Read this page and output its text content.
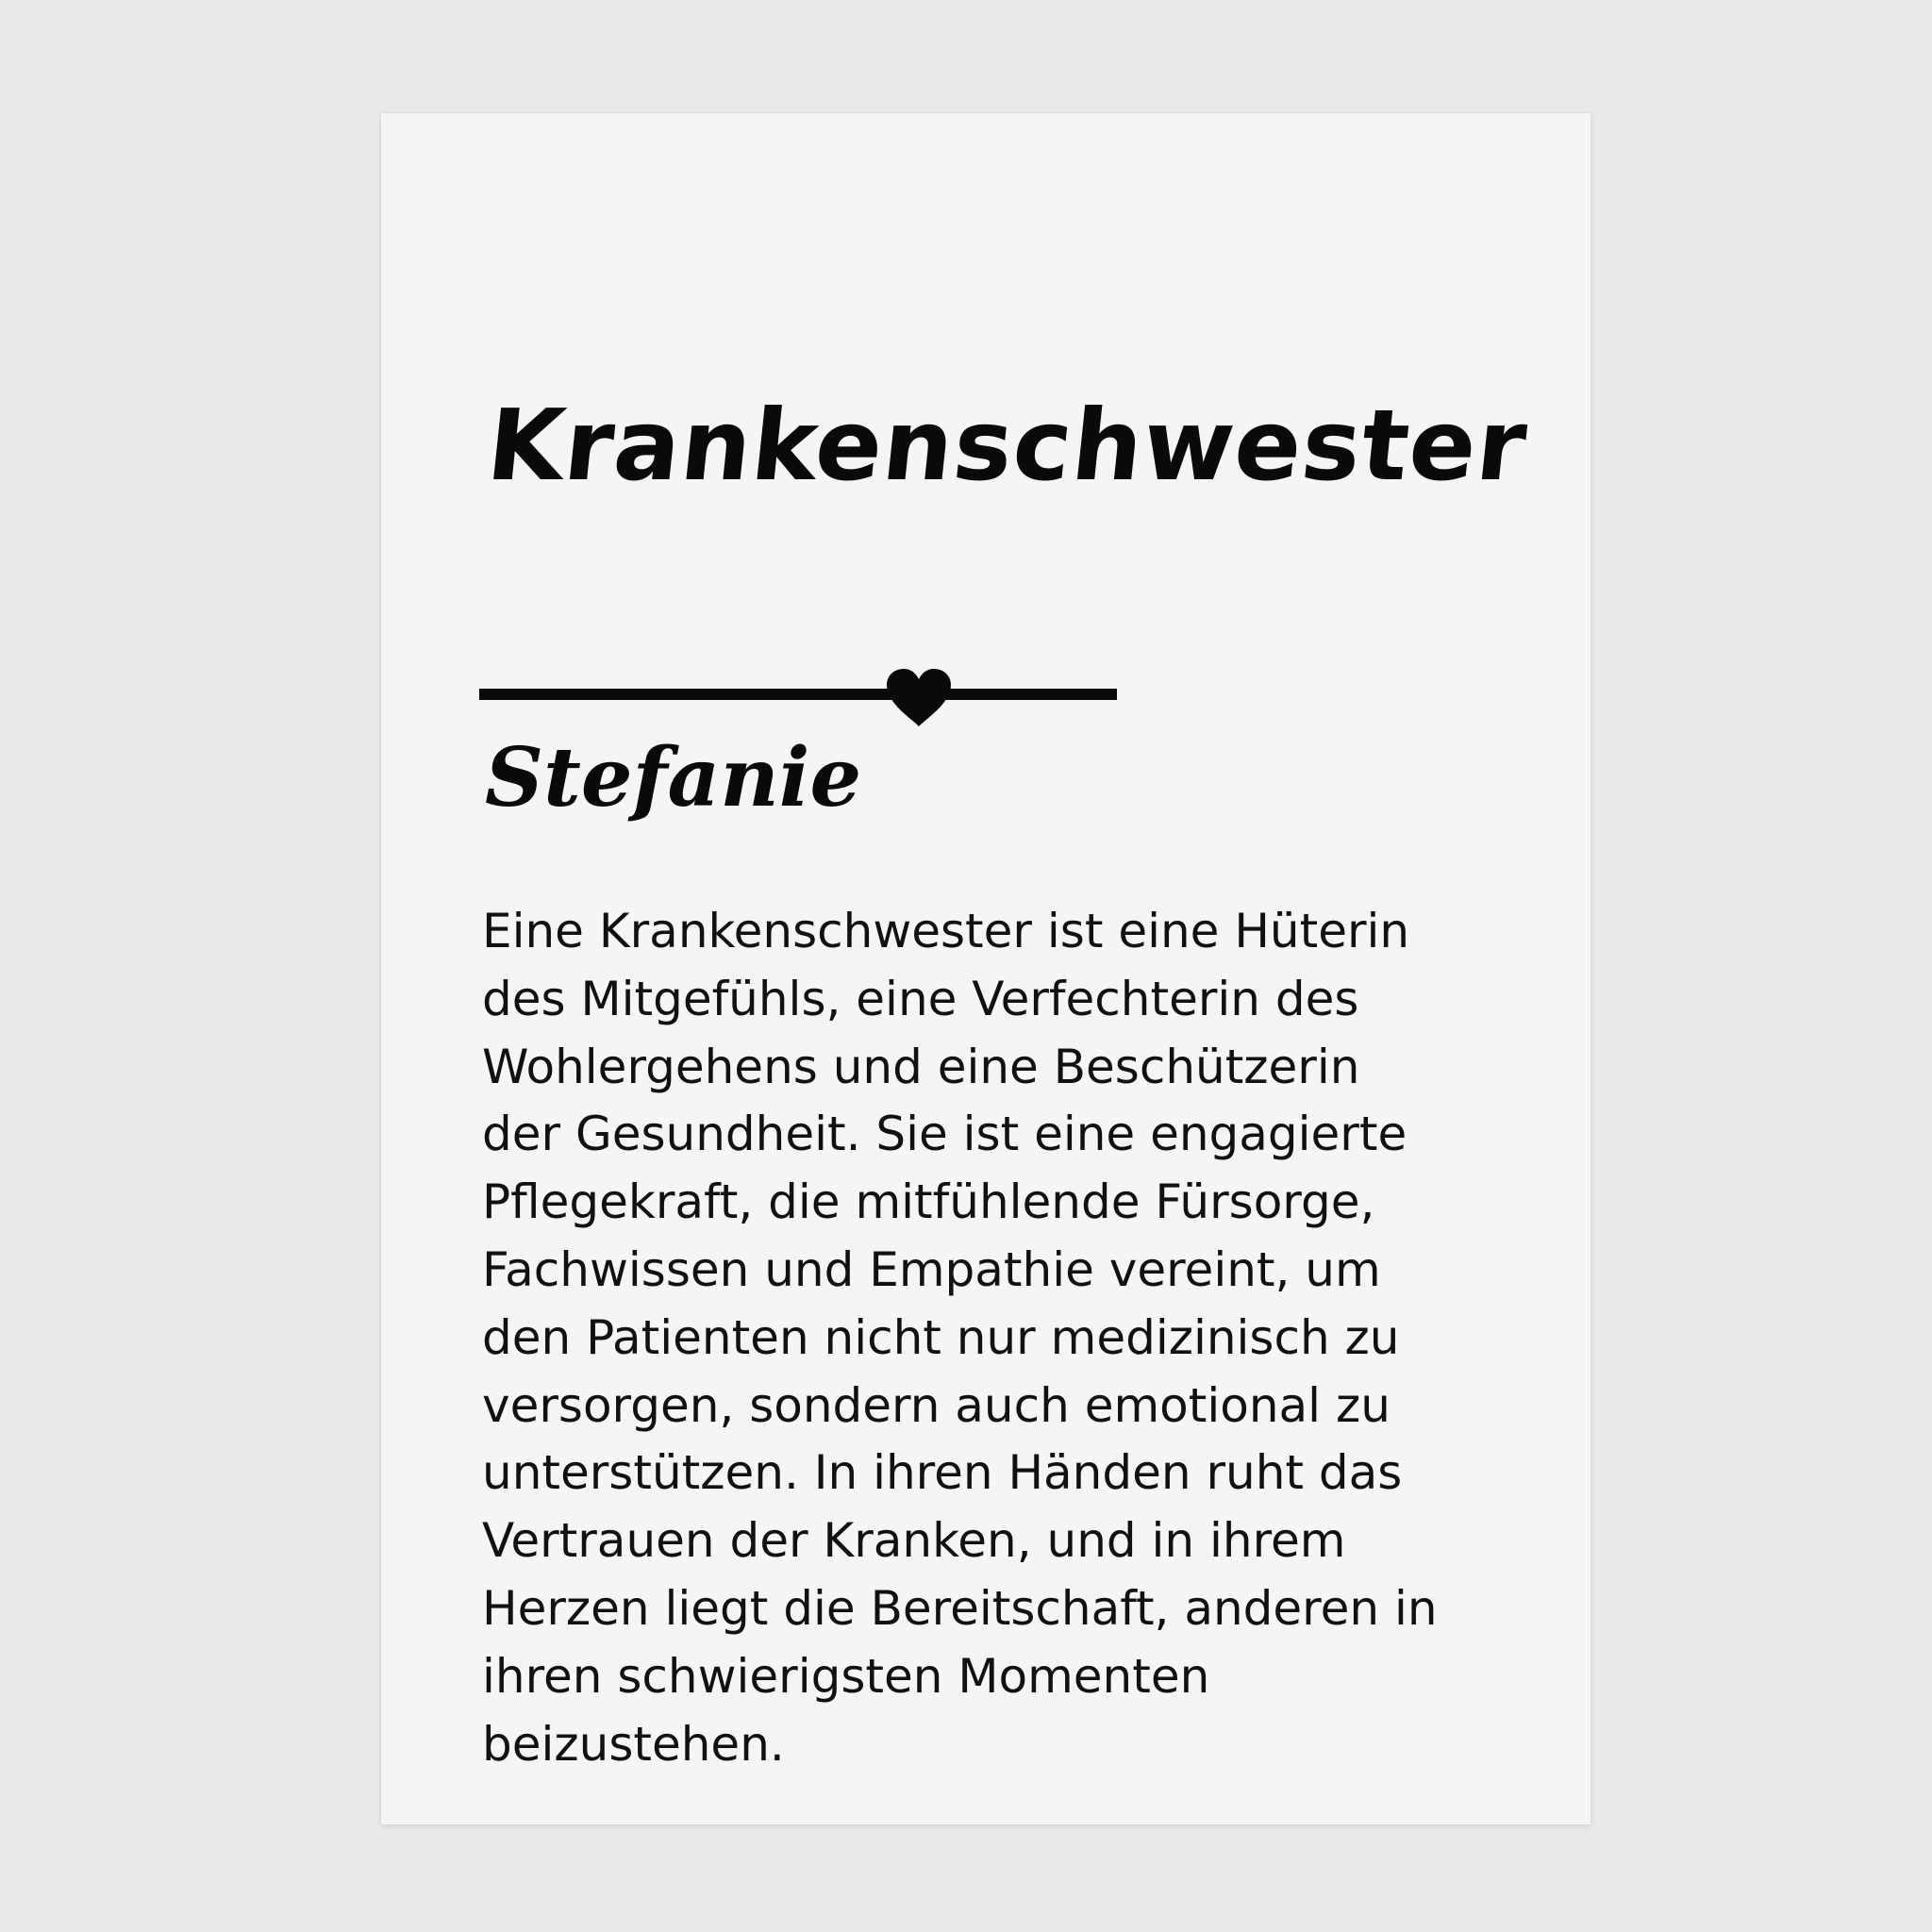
Krankenschwester
Stefanie

Eine Krankenschwester ist eine Hüterin
des Mitgefühls, eine Verfechterin des
Wohlergehens und eine Beschützerin
der Gesundheit. Sie ist eine engagierte
Pflegekraft, die mitfühlende Fürsorge,
Fachwissen und Empathie vereint, um
den Patienten nicht nur medizinisch zu
versorgen, sondern auch emotional zu
unterstützen. In ihren Händen ruht das
Vertrauen der Kranken, und in ihrem
Herzen liegt die Bereitschaft, anderen in
ihren schwierigsten Momenten
beizustehen.
